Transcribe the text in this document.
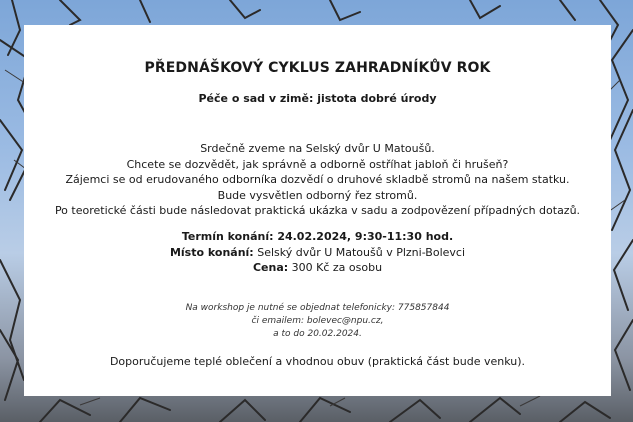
PŘEDNÁŠKOVÝ CYKLUS ZAHRADNÍKŮV ROK
Péče o sad v zimě: jistota dobré úrody
Srdečně zveme na Selský dvůr U Matoušů.
Chcete se dozvědět, jak správně a odborně ostříhat jabloň či hrušeň?
Zájemci se od erudovaného odborníka dozvědí o druhové skladbě stromů na našem statku.
Bude vysvětlen odborný řez stromů.
Po teoretické části bude následovat praktická ukázka v sadu a zodpovězení případných dotazů.
Termín konání: 24.02.2024, 9:30-11:30 hod.
Místo konání: Selský dvůr U Matoušů v Plzni-Bolevci
Cena: 300 Kč za osobu
Na workshop je nutné se objednat telefonicky: 775857844
či emailem: bolevec@npu.cz,
a to do 20.02.2024.

Doporučujeme teplé oblečení a vhodnou obuv (praktická část bude venku).
